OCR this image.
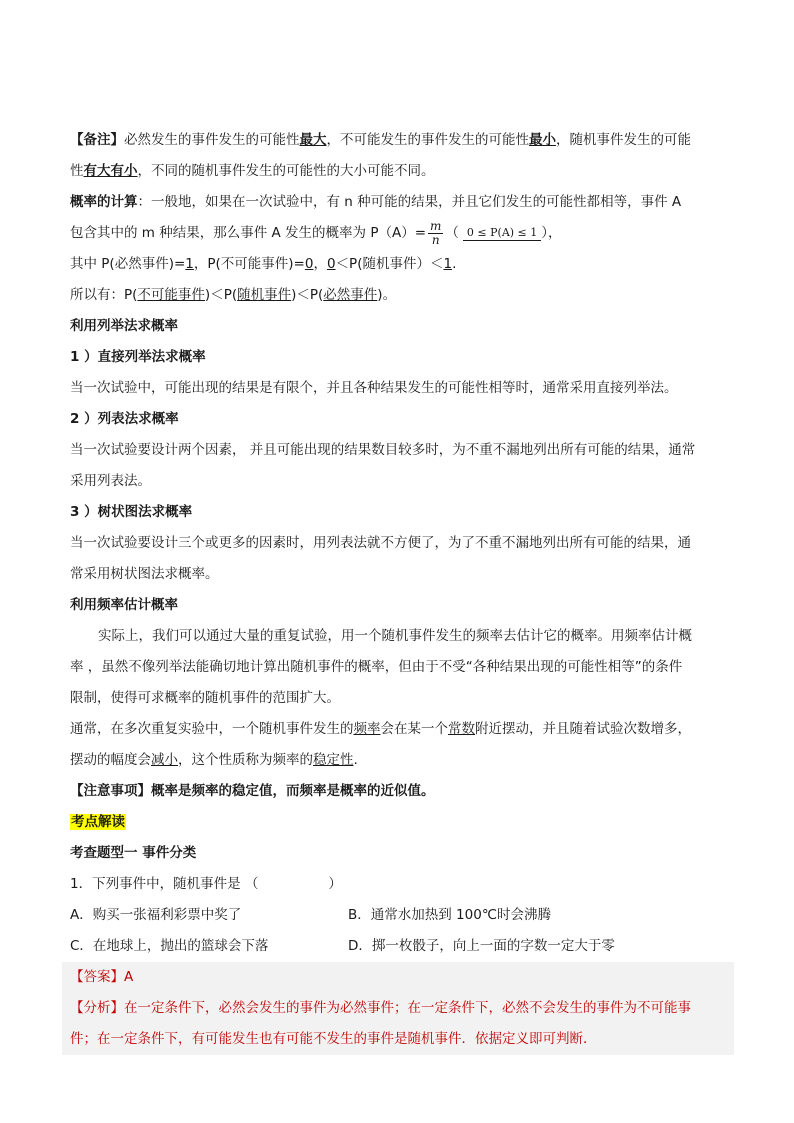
【备注】必然发生的事件发生的可能性最大，不可能发生的事件发生的可能性最小，随机事件发生的可能
性有大有小，不同的随机事件发生的可能性的大小可能不同。
概率的计算：一般地，如果在一次试验中，有 n 种可能的结果，并且它们发生的可能性都相等，事件 A
包含其中的 m 种结果，那么事件 A 发生的概率为 $P(A)= \frac{m}{n}$ （ 0 ≤ P(A) ≤ 1 ），
其中 P(必然事件)=1，P(不可能事件)=0，0＜P(随机事件）＜1.
所以有：P(不可能事件)＜P(随机事件)＜P(必然事件)。
利用列举法求概率
1 ）直接列举法求概率
当一次试验中，可能出现的结果是有限个，并且各种结果发生的可能性相等时，通常采用直接列举法。
2 ）列表法求概率
当一次试验要设计两个因素， 并且可能出现的结果数目较多时，为不重不漏地列出所有可能的结果，通常
采用列表法。
3 ）树状图法求概率
当一次试验要设计三个或更多的因素时，用列表法就不方便了，为了不重不漏地列出所有可能的结果，通
常采用树状图法求概率。
利用频率估计概率
实际上，我们可以通过大量的重复试验，用一个随机事件发生的频率去估计它的概率。用频率估计概
率 ，虽然不像列举法能确切地计算出随机事件的概率，但由于不受“各种结果出现的可能性相等”的条件
限制，使得可求概率的随机事件的范围扩大。
通常，在多次重复实验中，一个随机事件发生的频率会在某一个常数附近摆动，并且随着试验次数增多，
摆动的幅度会减小，这个性质称为频率的稳定性.
【注意事项】概率是频率的稳定值，而频率是概率的近似值。
考点解读
考查题型一 事件分类
1．下列事件中，随机事件是 （	）
A．购买一张福利彩票中奖了	B．通常水加热到 100℃时会沸腾
C．在地球上，抛出的篮球会下落	D．掷一枚骰子，向上一面的字数一定大于零
【答案】A
【分析】在一定条件下，必然会发生的事件为必然事件；在一定条件下，必然不会发生的事件为不可能事
件；在一定条件下，有可能发生也有可能不发生的事件是随机事件．依据定义即可判断．
